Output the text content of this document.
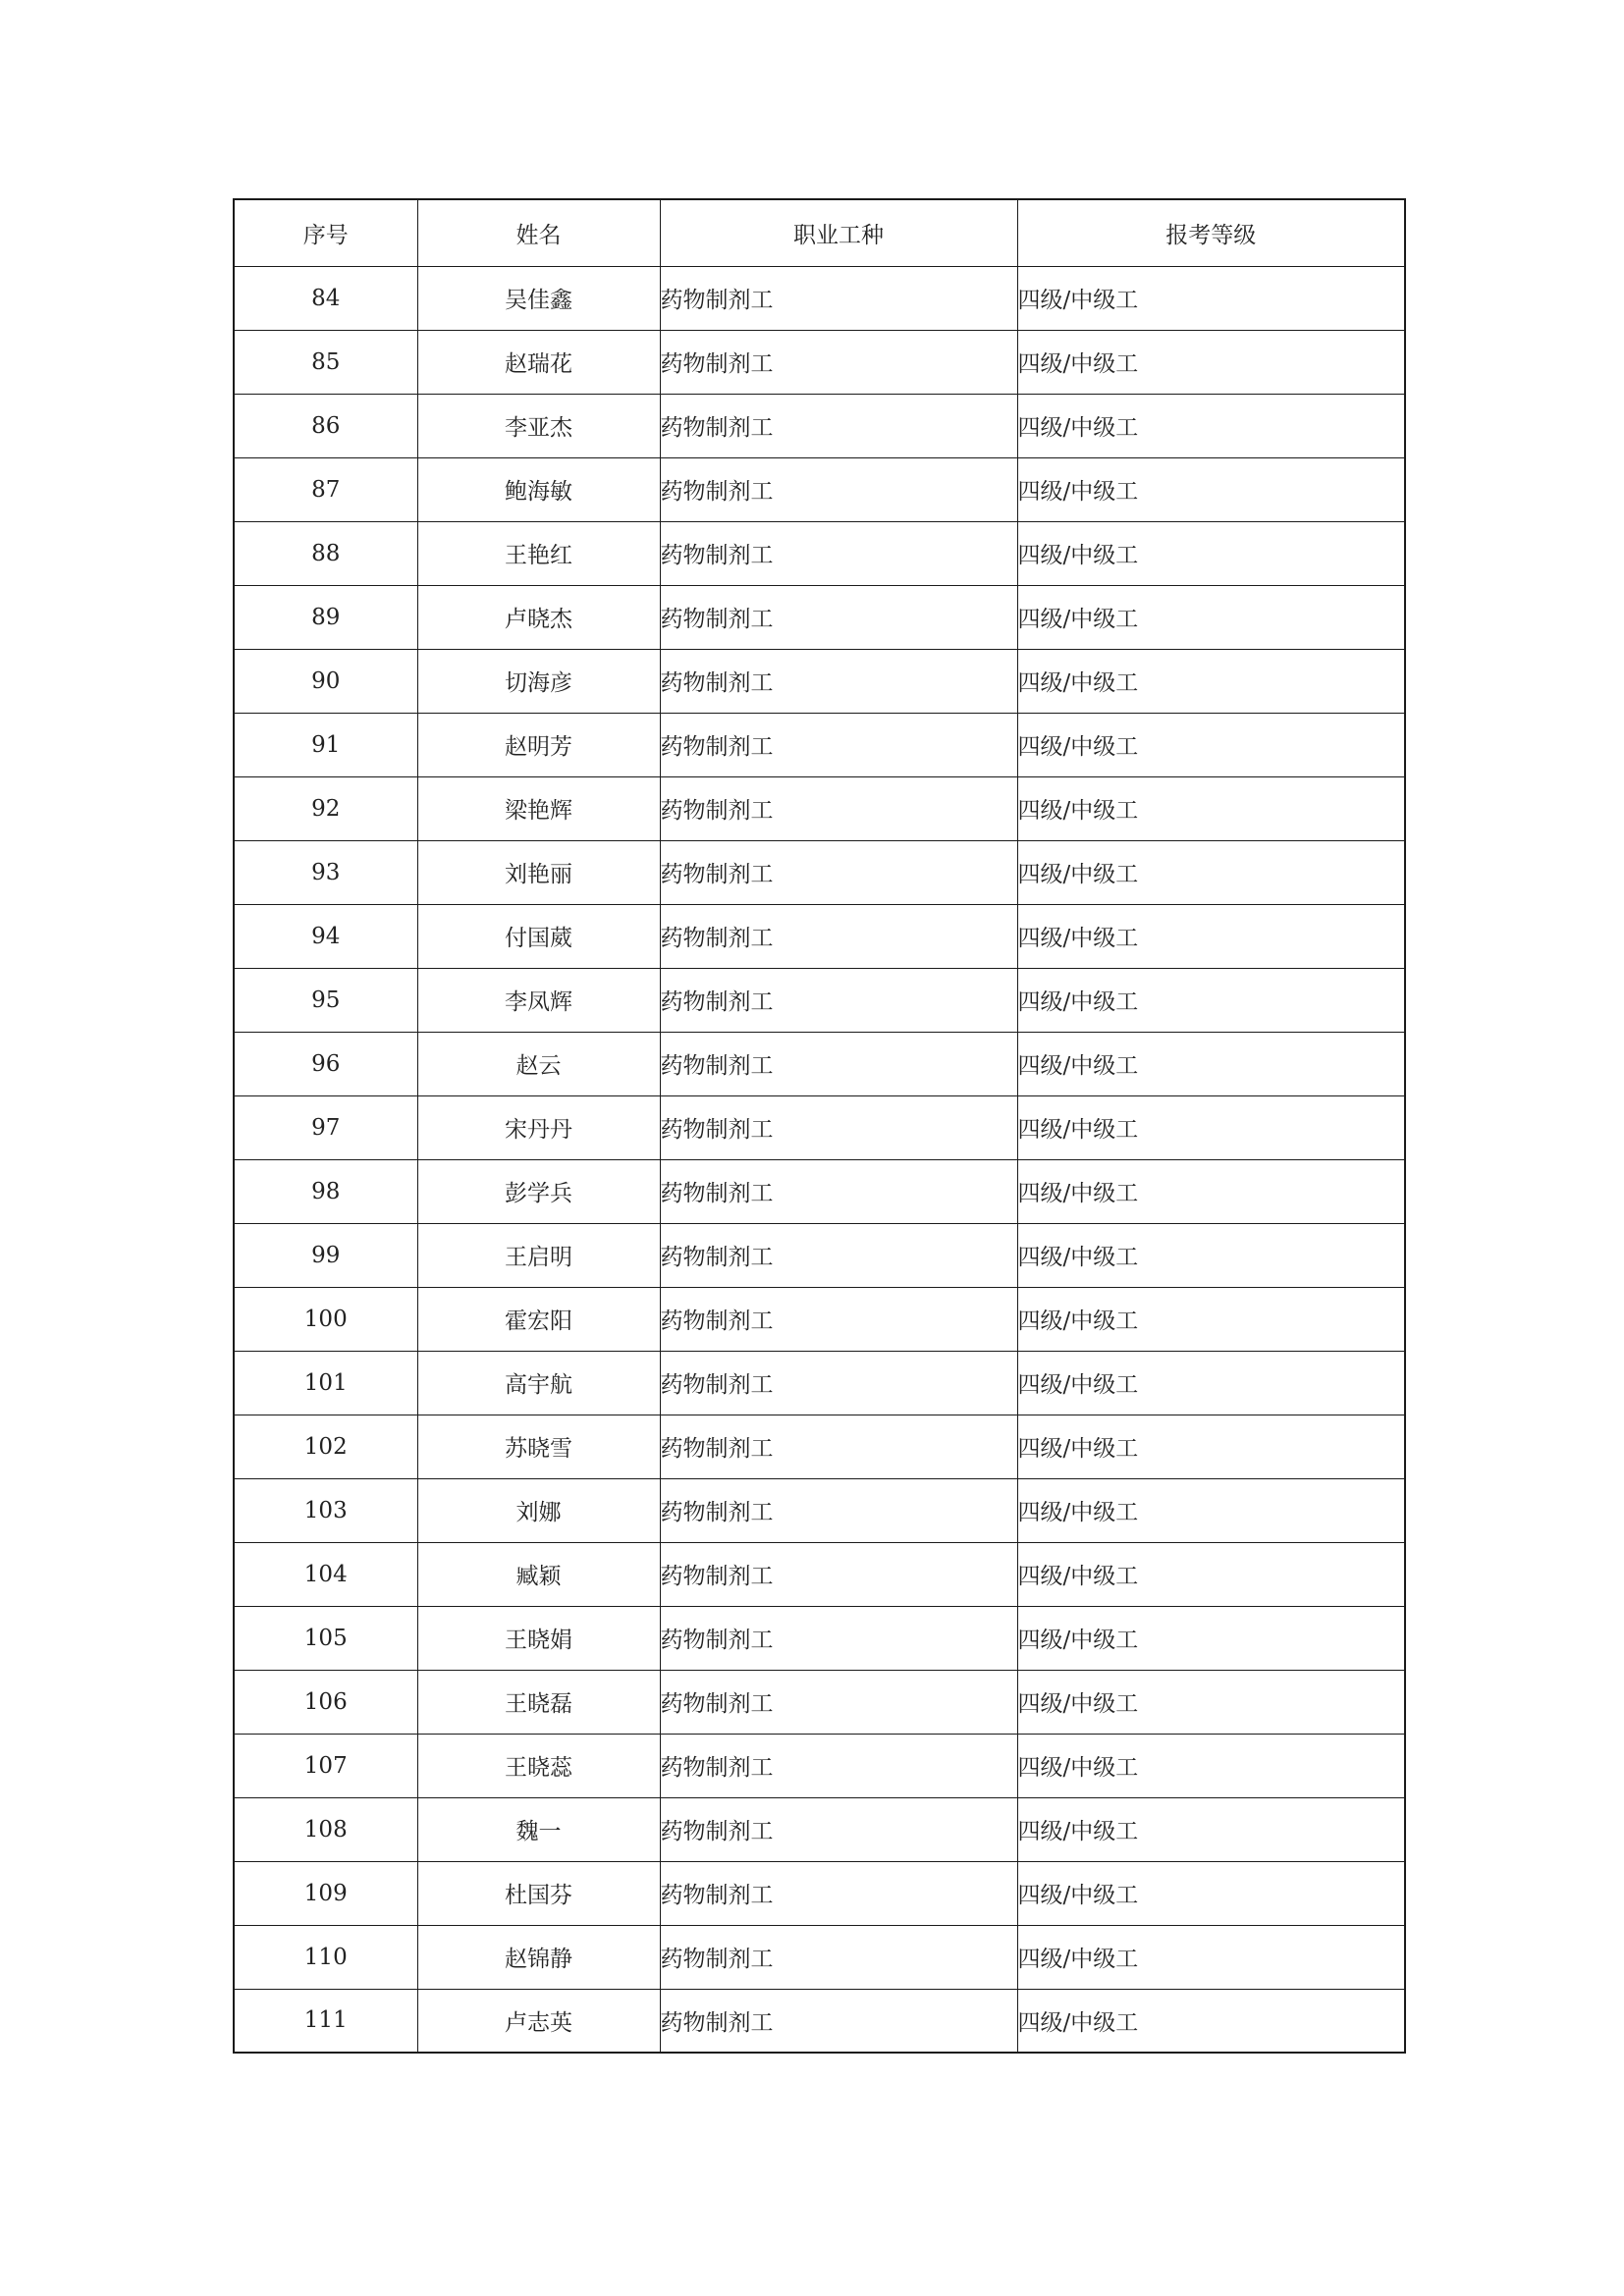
序号	姓名	职业工种	报考等级
84	吴佳鑫	药物制剂工	四级/中级工
85	赵瑞花	药物制剂工	四级/中级工
86	李亚杰	药物制剂工	四级/中级工
87	鲍海敏	药物制剂工	四级/中级工
88	王艳红	药物制剂工	四级/中级工
89	卢晓杰	药物制剂工	四级/中级工
90	切海彦	药物制剂工	四级/中级工
91	赵明芳	药物制剂工	四级/中级工
92	梁艳辉	药物制剂工	四级/中级工
93	刘艳丽	药物制剂工	四级/中级工
94	付国葳	药物制剂工	四级/中级工
95	李凤辉	药物制剂工	四级/中级工
96	赵云	药物制剂工	四级/中级工
97	宋丹丹	药物制剂工	四级/中级工
98	彭学兵	药物制剂工	四级/中级工
99	王启明	药物制剂工	四级/中级工
100	霍宏阳	药物制剂工	四级/中级工
101	高宇航	药物制剂工	四级/中级工
102	苏晓雪	药物制剂工	四级/中级工
103	刘娜	药物制剂工	四级/中级工
104	臧颖	药物制剂工	四级/中级工
105	王晓娟	药物制剂工	四级/中级工
106	王晓磊	药物制剂工	四级/中级工
107	王晓蕊	药物制剂工	四级/中级工
108	魏一	药物制剂工	四级/中级工
109	杜国芬	药物制剂工	四级/中级工
110	赵锦静	药物制剂工	四级/中级工
111	卢志英	药物制剂工	四级/中级工
